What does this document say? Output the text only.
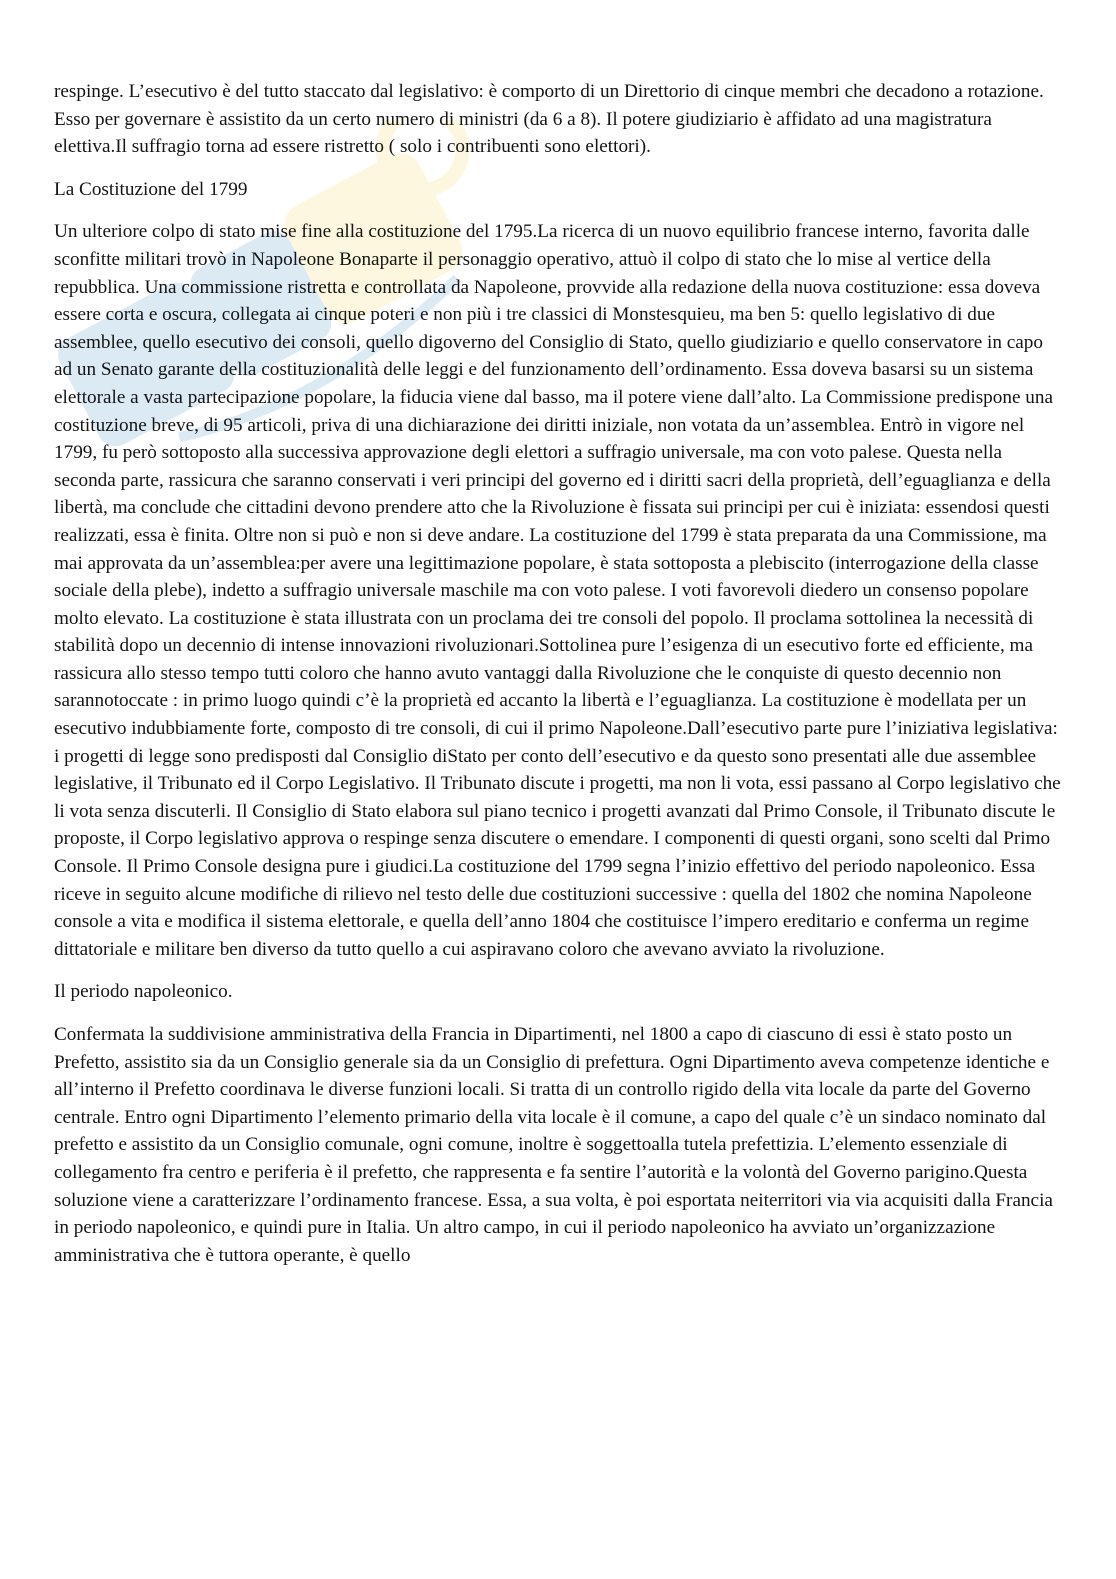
respinge. L’esecutivo è del tutto staccato dal legislativo: è comporto di un Direttorio di cinque membri che decadono a rotazione. Esso per governare è assistito da un certo numero di ministri (da 6 a 8). Il potere giudiziario è affidato ad una magistratura elettiva.Il suffragio torna ad essere ristretto ( solo i contribuenti sono elettori).

La Costituzione del 1799

Un ulteriore colpo di stato mise fine alla costituzione del 1795.La ricerca di un nuovo equilibrio francese interno, favorita dalle sconfitte militari trovò in Napoleone Bonaparte il personaggio operativo, attuò il colpo di stato che lo mise al vertice della repubblica. Una commissione ristretta e controllata da Napoleone, provvide alla redazione della nuova costituzione: essa doveva essere corta e oscura, collegata ai cinque poteri e non più i tre classici di Monstesquieu, ma ben 5: quello legislativo di due assemblee, quello esecutivo dei consoli, quello digoverno del Consiglio di Stato, quello giudiziario e quello conservatore in capo ad un Senato garante della costituzionalità delle leggi e del funzionamento dell’ordinamento. Essa doveva basarsi su un sistema elettorale a vasta partecipazione popolare, la fiducia viene dal basso, ma il potere viene dall’alto. La Commissione predispone una costituzione breve, di 95 articoli, priva di una dichiarazione dei diritti iniziale, non votata da un’assemblea. Entrò in vigore nel 1799, fu però sottoposto alla successiva approvazione degli elettori a suffragio universale, ma con voto palese. Questa nella seconda parte, rassicura che saranno conservati i veri principi del governo ed i diritti sacri della proprietà, dell’eguaglianza e della libertà, ma conclude che cittadini devono prendere atto che la Rivoluzione è fissata sui principi per cui è iniziata: essendosi questi realizzati, essa è finita. Oltre non si può e non si deve andare. La costituzione del 1799 è stata preparata da una Commissione, ma mai approvata da un’assemblea:per avere una legittimazione popolare, è stata sottoposta a plebiscito (interrogazione della classe sociale della plebe), indetto a suffragio universale maschile ma con voto palese. I voti favorevoli diedero un consenso popolare molto elevato. La costituzione è stata illustrata con un proclama dei tre consoli del popolo. Il proclama sottolinea la necessità di stabilità dopo un decennio di intense innovazioni rivoluzionari.Sottolinea pure l’esigenza di un esecutivo forte ed efficiente, ma rassicura allo stesso tempo tutti coloro che hanno avuto vantaggi dalla Rivoluzione che le conquiste di questo decennio non sarannotoccate : in primo luogo quindi c’è la proprietà ed accanto la libertà e l’eguaglianza. La costituzione è modellata per un esecutivo indubbiamente forte, composto di tre consoli, di cui il primo Napoleone.Dall’esecutivo parte pure l’iniziativa legislativa: i progetti di legge sono predisposti dal Consiglio diStato per conto dell’esecutivo e da questo sono presentati alle due assemblee legislative, il Tribunato ed il Corpo Legislativo. Il Tribunato discute i progetti, ma non li vota, essi passano al Corpo legislativo che li vota senza discuterli. Il Consiglio di Stato elabora sul piano tecnico i progetti avanzati dal Primo Console, il Tribunato discute le proposte, il Corpo legislativo approva o respinge senza discutere o emendare. I componenti di questi organi, sono scelti dal Primo Console. Il Primo Console designa pure i giudici.La costituzione del 1799 segna l’inizio effettivo del periodo napoleonico. Essa riceve in seguito alcune modifiche di rilievo nel testo delle due costituzioni successive : quella del 1802 che nomina Napoleone console a vita e modifica il sistema elettorale, e quella dell’anno 1804 che costituisce l’impero ereditario e conferma un regime dittatoriale e militare ben diverso da tutto quello a cui aspiravano coloro che avevano avviato la rivoluzione.

Il periodo napoleonico.

Confermata la suddivisione amministrativa della Francia in Dipartimenti, nel 1800 a capo di ciascuno di essi è stato posto un Prefetto, assistito sia da un Consiglio generale sia da un Consiglio di prefettura. Ogni Dipartimento aveva competenze identiche e all’interno il Prefetto coordinava le diverse funzioni locali. Si tratta di un controllo rigido della vita locale da parte del Governo centrale. Entro ogni Dipartimento l’elemento primario della vita locale è il comune, a capo del quale c’è un sindaco nominato dal prefetto e assistito da un Consiglio comunale, ogni comune, inoltre è soggettoalla tutela prefettizia. L’elemento essenziale di collegamento fra centro e periferia è il prefetto, che rappresenta e fa sentire l’autorità e la volontà del Governo parigino.Questa soluzione viene a caratterizzare l’ordinamento francese. Essa, a sua volta, è poi esportata neiterritori via via acquisiti dalla Francia in periodo napoleonico, e quindi pure in Italia. Un altro campo, in cui il periodo napoleonico ha avviato un’organizzazione amministrativa che è tuttora operante, è quello
